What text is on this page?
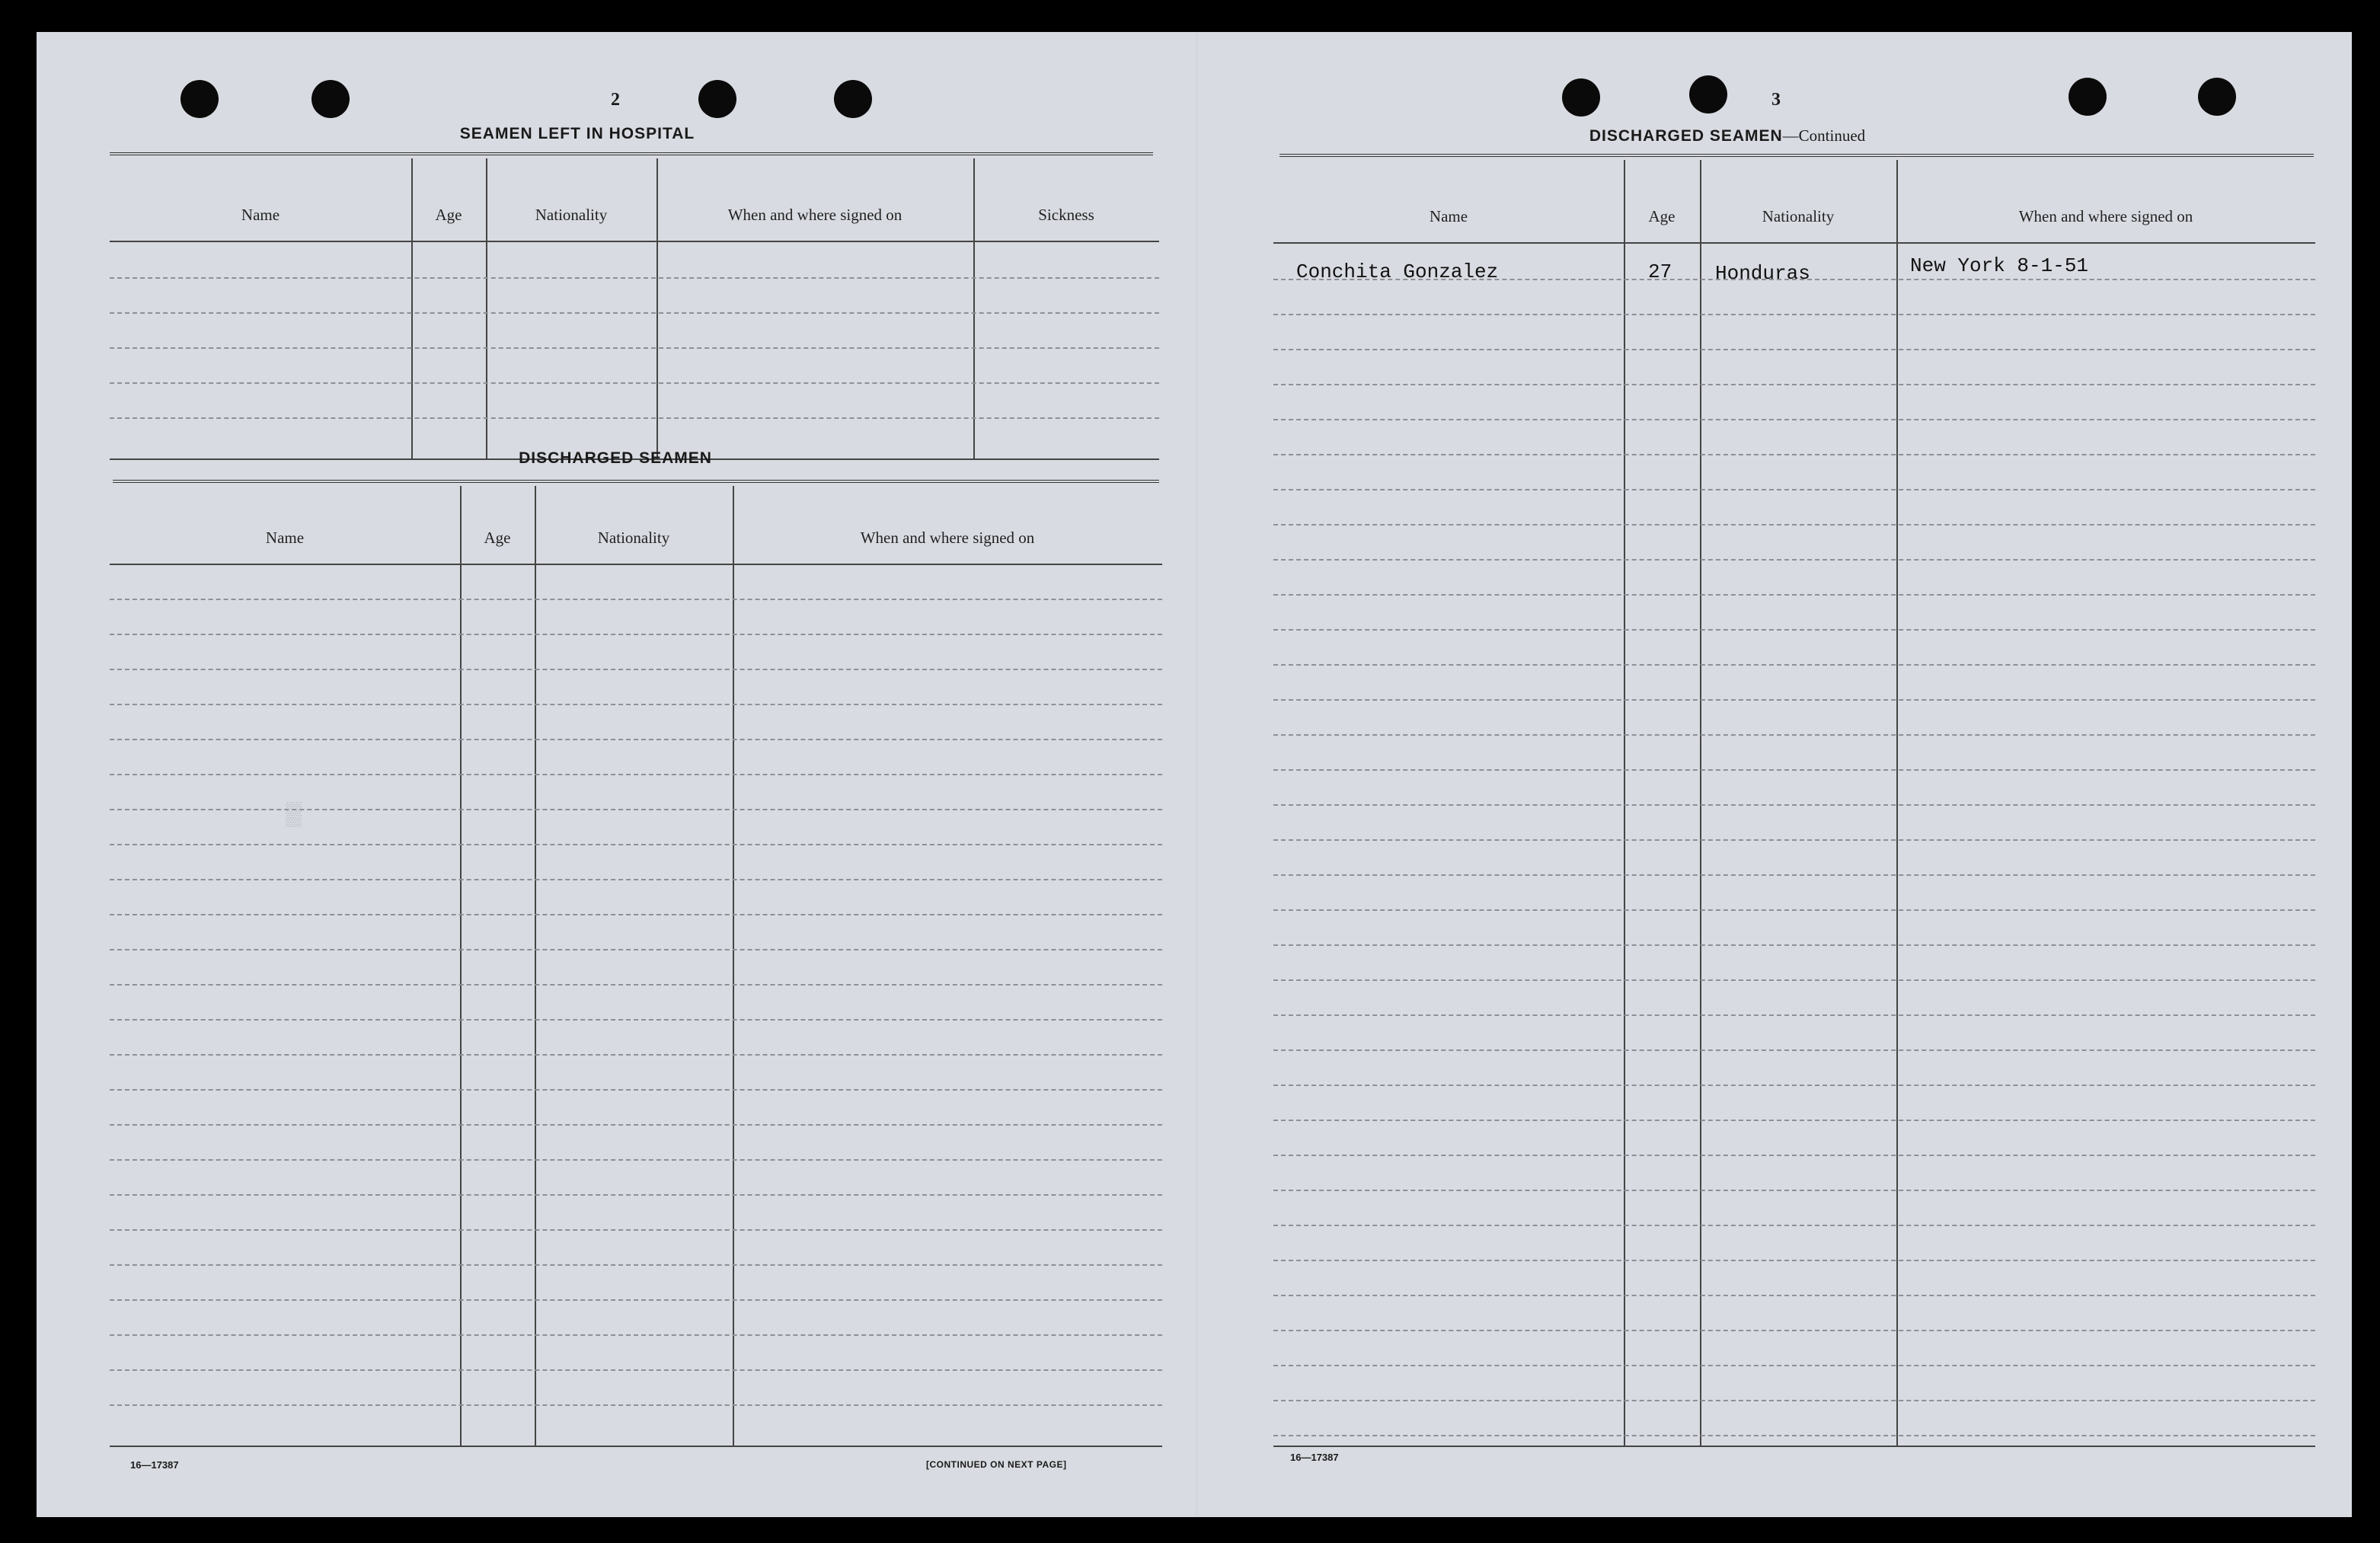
▒
2
SEAMEN LEFT IN HOSPITAL
Name	Age	Nationality	When and where signed on	Sickness
DISCHARGED SEAMEN
Name	Age	Nationality	When and where signed on
16—17387	[CONTINUED ON NEXT PAGE]
3
DISCHARGED SEAMEN—Continued
Name	Age	Nationality	When and where signed on
Conchita Gonzalez	27 Honduras	New York 8-1-51
16—17387
